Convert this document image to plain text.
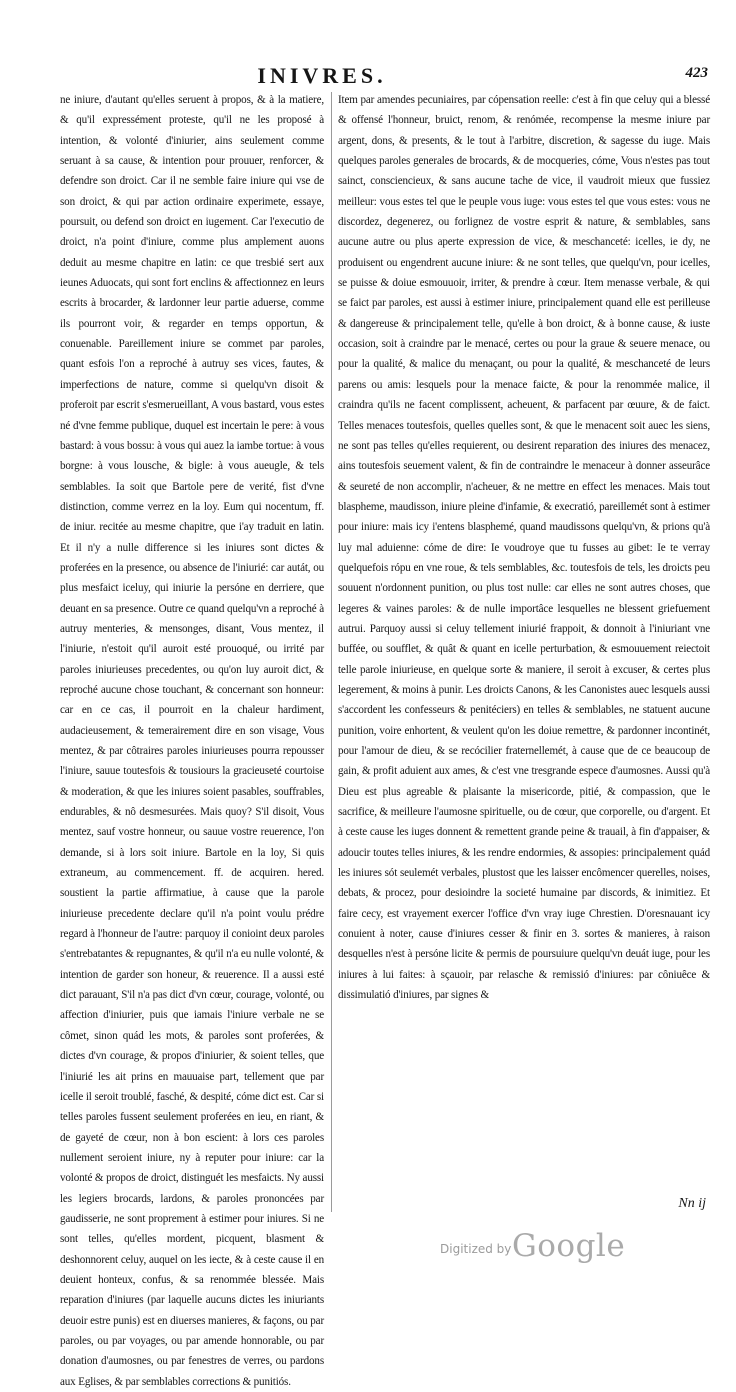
INIVRES.	423

ne iniure, d'autant qu'elles seruent à propos, & à la matiere, & qu'il expressément proteste, qu'il ne les proposé à intention, & volonté d'iniurier, ains seulement comme seruant à sa cause, & intention pour prouuer, renforcer, & defendre son droict. Car il ne semble faire iniure qui vse de son droict, & qui par action ordinaire experimete, essaye, poursuit, ou defend son droict en iugement. Car l'executio de droict, n'a point d'iniure, comme plus amplement auons deduit au mesme chapitre en latin: ce que tresbié sert aux ieunes Aduocats, qui sont fort enclins & affectionnez en leurs escrits à brocarder, & lardonner leur partie aduerse, comme ils pourront voir, & regarder en temps opportun, & conuenable. Pareillement iniure se commet par paroles, quant esfois l'on a reproché à autruy ses vices, fautes, & imperfections de nature, comme si quelqu'vn disoit & proferoit par escrit s'esmerueillant, A vous bastard, vous estes né d'vne femme publique, duquel est incertain le pere: à vous bastard: à vous bossu: à vous qui auez la iambe tortue: à vous borgne: à vous lousche, & bigle: à vous aueugle, & tels semblables. Ia soit que Bartole pere de verité, fist d'vne distinction, comme verrez en la loy. Eum qui nocentum, ff. de iniur. recitée au mesme chapitre, que i'ay traduit en latin. Et il n'y a nulle difference si les iniures sont dictes & proferées en la presence, ou absence de l'iniurié: car autát, ou plus mesfaict iceluy, qui iniurie la persóne en derriere, que deuant en sa presence. Outre ce quand quelqu'vn a reproché à autruy menteries, & mensonges, disant, Vous mentez, il l'iniurie, n'estoit qu'il auroit esté prouoqué, ou irrité par paroles iniurieuses precedentes, ou qu'on luy auroit dict, & reproché aucune chose touchant, & concernant son honneur: car en ce cas, il pourroit en la chaleur hardiment, audacieusement, & temerairement dire en son visage, Vous mentez, & par côtraires paroles iniurieuses pourra repousser l'iniure, sauue toutesfois & tousiours la gracieuseté courtoise & moderation, & que les iniures soient pasables, souffrables, endurables, & nô desmesurées. Mais quoy? S'il disoit, Vous mentez, sauf vostre honneur, ou sauue vostre reuerence, l'on demande, si à lors soit iniure. Bartole en la loy, Si quis extraneum, au commencement. ff. de acquiren. hered. soustient la partie affirmatiue, à cause que la parole iniurieuse precedente declare qu'il n'a point voulu prédre regard à l'honneur de l'autre: parquoy il conioint deux paroles s'entrebatantes & repugnantes, & qu'il n'a eu nulle volonté, & intention de garder son honeur, & reuerence. Il a aussi esté dict parauant, S'il n'a pas dict d'vn cœur, courage, volonté, ou affection d'iniurier, puis que iamais l'iniure verbale ne se cômet, sinon quád les mots, & paroles sont proferées, & dictes d'vn courage, & propos d'iniurier, & soient telles, que l'iniurié les ait prins en mauuaise part, tellement que par icelle il seroit troublé, fasché, & despité, cóme dict est. Car si telles paroles fussent seulement proferées en ieu, en riant, & de gayeté de cœur, non à bon escient: à lors ces paroles nullement seroient iniure, ny à reputer pour iniure: car la volonté & propos de droict, distinguét les mesfaicts. Ny aussi les legiers brocards, lardons, & paroles prononcées par gaudisserie, ne sont proprement à estimer pour iniures. Si ne sont telles, qu'elles mordent, picquent, blasment & deshonnorent celuy, auquel on les iecte, & à ceste cause il en deuient honteux, confus, & sa renommée blessée. Mais reparation d'iniures (par laquelle aucuns dictes les iniuriants deuoir estre punis) est en diuerses manieres, & façons, ou par paroles, ou par voyages, ou par amende honnorable, ou par donation d'aumosnes, ou par fenestres de verres, ou pardons aux Eglises, & par semblables corrections & punitiós.

Item par amendes pecuniaires, par cópensation reelle: c'est à fin que celuy qui a blessé & offensé l'honneur, bruict, renom, & renómée, recompense la mesme iniure par argent, dons, & presents, & le tout à l'arbitre, discretion, & sagesse du iuge. Mais quelques paroles generales de brocards, & de mocqueries, cóme, Vous n'estes pas tout sainct, consciencieux, & sans aucune tache de vice, il vaudroit mieux que fussiez meilleur: vous estes tel que le peuple vous iuge: vous estes tel que vous estes: vous ne discordez, degenerez, ou forlignez de vostre esprit & nature, & semblables, sans aucune autre ou plus aperte expression de vice, & meschanceté: icelles, ie dy, ne produisent ou engendrent aucune iniure: & ne sont telles, que quelqu'vn, pour icelles, se puisse & doiue esmouuoir, irriter, & prendre à cœur. Item menasse verbale, & qui se faict par paroles, est aussi à estimer iniure, principalement quand elle est perilleuse & dangereuse & principalement telle, qu'elle à bon droict, & à bonne cause, & iuste occasion, soit à craindre par le menacé, certes ou pour la graue & seuere menace, ou pour la qualité, & malice du menaçant, ou pour la qualité, & meschanceté de leurs parens ou amis: lesquels pour la menace faicte, & pour la renommée malice, il craindra qu'ils ne facent complissent, acheuent, & parfacent par œuure, & de faict. Telles menaces toutesfois, quelles quelles sont, & que le menacent soit auec les siens, ne sont pas telles qu'elles requierent, ou desirent reparation des iniures des menacez, ains toutesfois seuement valent, & fin de contraindre le menaceur à donner asseurâce & seureté de non accomplir, n'acheuer, & ne mettre en effect les menaces. Mais tout blaspheme, maudisson, iniure pleine d'infamie, & execratió, pareillemét sont à estimer pour iniure: mais icy i'entens blasphemé, quand maudissons quelqu'vn, & prions qu'à luy mal aduienne: cóme de dire: Ie voudroye que tu fusses au gibet: Ie te verray quelquefois rópu en vne roue, & tels semblables, &c. toutesfois de tels, les droicts peu souuent n'ordonnent punition, ou plus tost nulle: car elles ne sont autres choses, que legeres & vaines paroles: & de nulle importâce lesquelles ne blessent griefuement autrui. Parquoy aussi si celuy tellement iniurié frappoit, & donnoit à l'iniuriant vne buffée, ou soufflet, & quât & quant en icelle perturbation, & esmouuement reiectoit telle parole iniurieuse, en quelque sorte & maniere, il seroit à excuser, & certes plus legerement, & moins à punir. Les droicts Canons, & les Canonistes auec lesquels aussi s'accordent les confesseurs & penitéciers) en telles & semblables, ne statuent aucune punition, voire enhortent, & veulent qu'on les doiue remettre, & pardonner incontinét, pour l'amour de dieu, & se recócilier fraternellemét, à cause que de ce beaucoup de gain, & profit aduient aux ames, & c'est vne tresgrande espece d'aumosnes. Aussi qu'à Dieu est plus agreable & plaisante la misericorde, pitié, & compassion, que le sacrifice, & meilleure l'aumosne spirituelle, ou de cœur, que corporelle, ou d'argent. Et à ceste cause les iuges donnent & remettent grande peine & trauail, à fin d'appaiser, & adoucir toutes telles iniures, & les rendre endormies, & assopies: principalement quád les iniures sót seulemét verbales, plustost que les laisser encômencer querelles, noises, debats, & procez, pour desioindre la societé humaine par discords, & inimitiez. Et faire cecy, est vrayement exercer l'office d'vn vray iuge Chrestien. D'oresnauant icy conuient à noter, cause d'iniures cesser & finir en 3. sortes & manieres, à raison desquelles n'est à persóne licite & permis de poursuiure quelqu'vn deuát iuge, pour les iniures à lui faites: à sçauoir, par relasche & remissió d'iniures: par côniuêce & dissimulatió d'iniures, par signes &

Nn ij
Digitized by Google
